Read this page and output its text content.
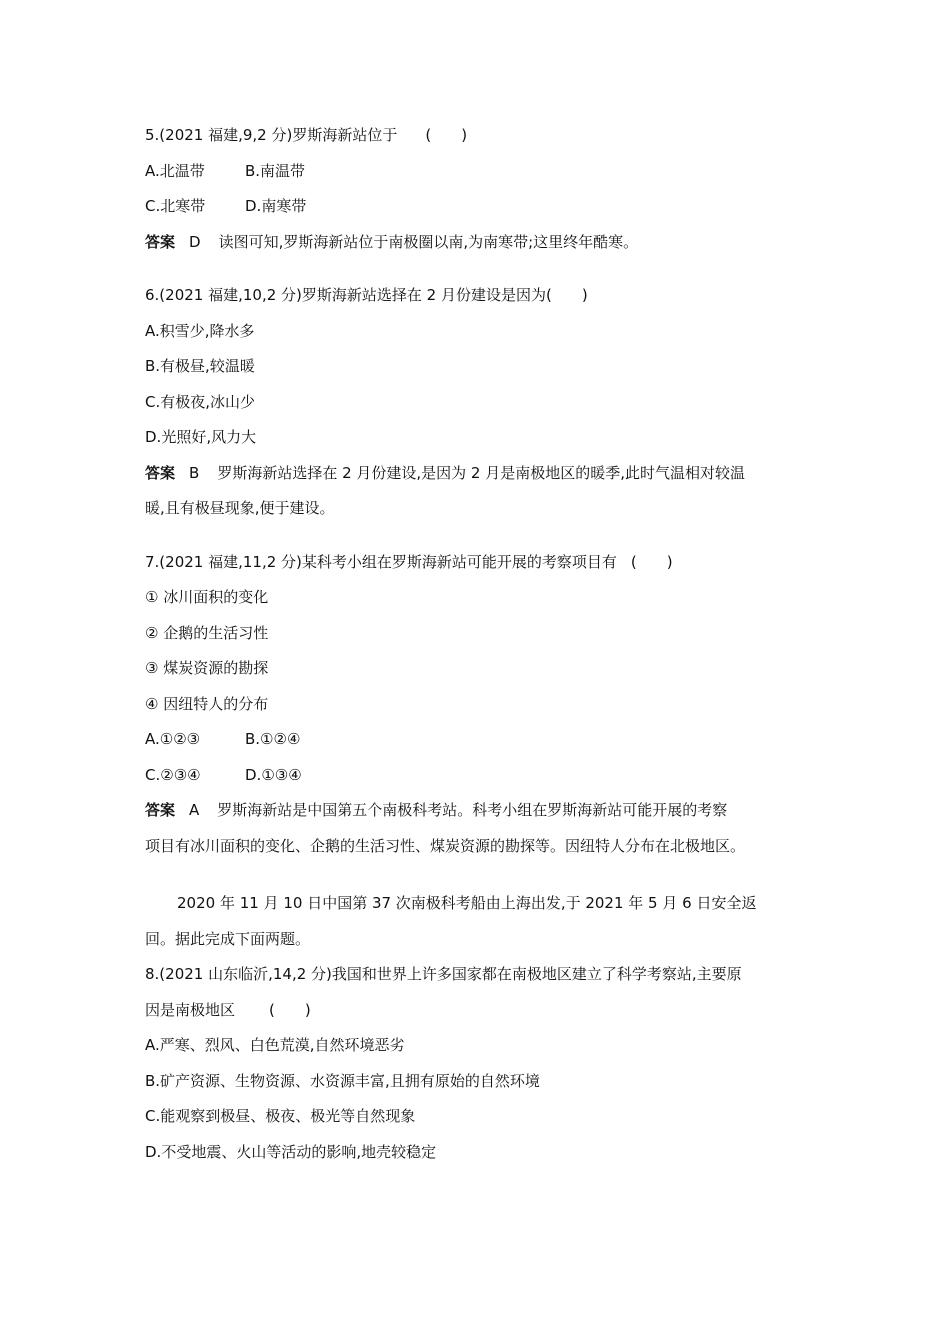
5.(2021 福建,9,2 分)罗斯海新站位于 (　　)
A.北温带	B.南温带
C.北寒带	D.南寒带
答案 D 读图可知,罗斯海新站位于南极圈以南,为南寒带;这里终年酷寒。
6.(2021 福建,10,2 分)罗斯海新站选择在 2 月份建设是因为(　　)
A.积雪少,降水多
B.有极昼,较温暖
C.有极夜,冰山少
D.光照好,风力大
答案 B 罗斯海新站选择在 2 月份建设,是因为 2 月是南极地区的暖季,此时气温相对较温
暖,且有极昼现象,便于建设。
7.(2021 福建,11,2 分)某科考小组在罗斯海新站可能开展的考察项目有 (　　)
① 冰川面积的变化
② 企鹅的生活习性
③ 煤炭资源的勘探
④ 因纽特人的分布
A.①②③	B.①②④
C.②③④	D.①③④
答案 A 罗斯海新站是中国第五个南极科考站。科考小组在罗斯海新站可能开展的考察
项目有冰川面积的变化、企鹅的生活习性、煤炭资源的勘探等。因纽特人分布在北极地区。
2020 年 11 月 10 日中国第 37 次南极科考船由上海出发,于 2021 年 5 月 6 日安全返
回。据此完成下面两题。
8.(2021 山东临沂,14,2 分)我国和世界上许多国家都在南极地区建立了科学考察站,主要原
因是南极地区 (　　)
A.严寒、烈风、白色荒漠,自然环境恶劣
B.矿产资源、生物资源、水资源丰富,且拥有原始的自然环境
C.能观察到极昼、极夜、极光等自然现象
D.不受地震、火山等活动的影响,地壳较稳定
